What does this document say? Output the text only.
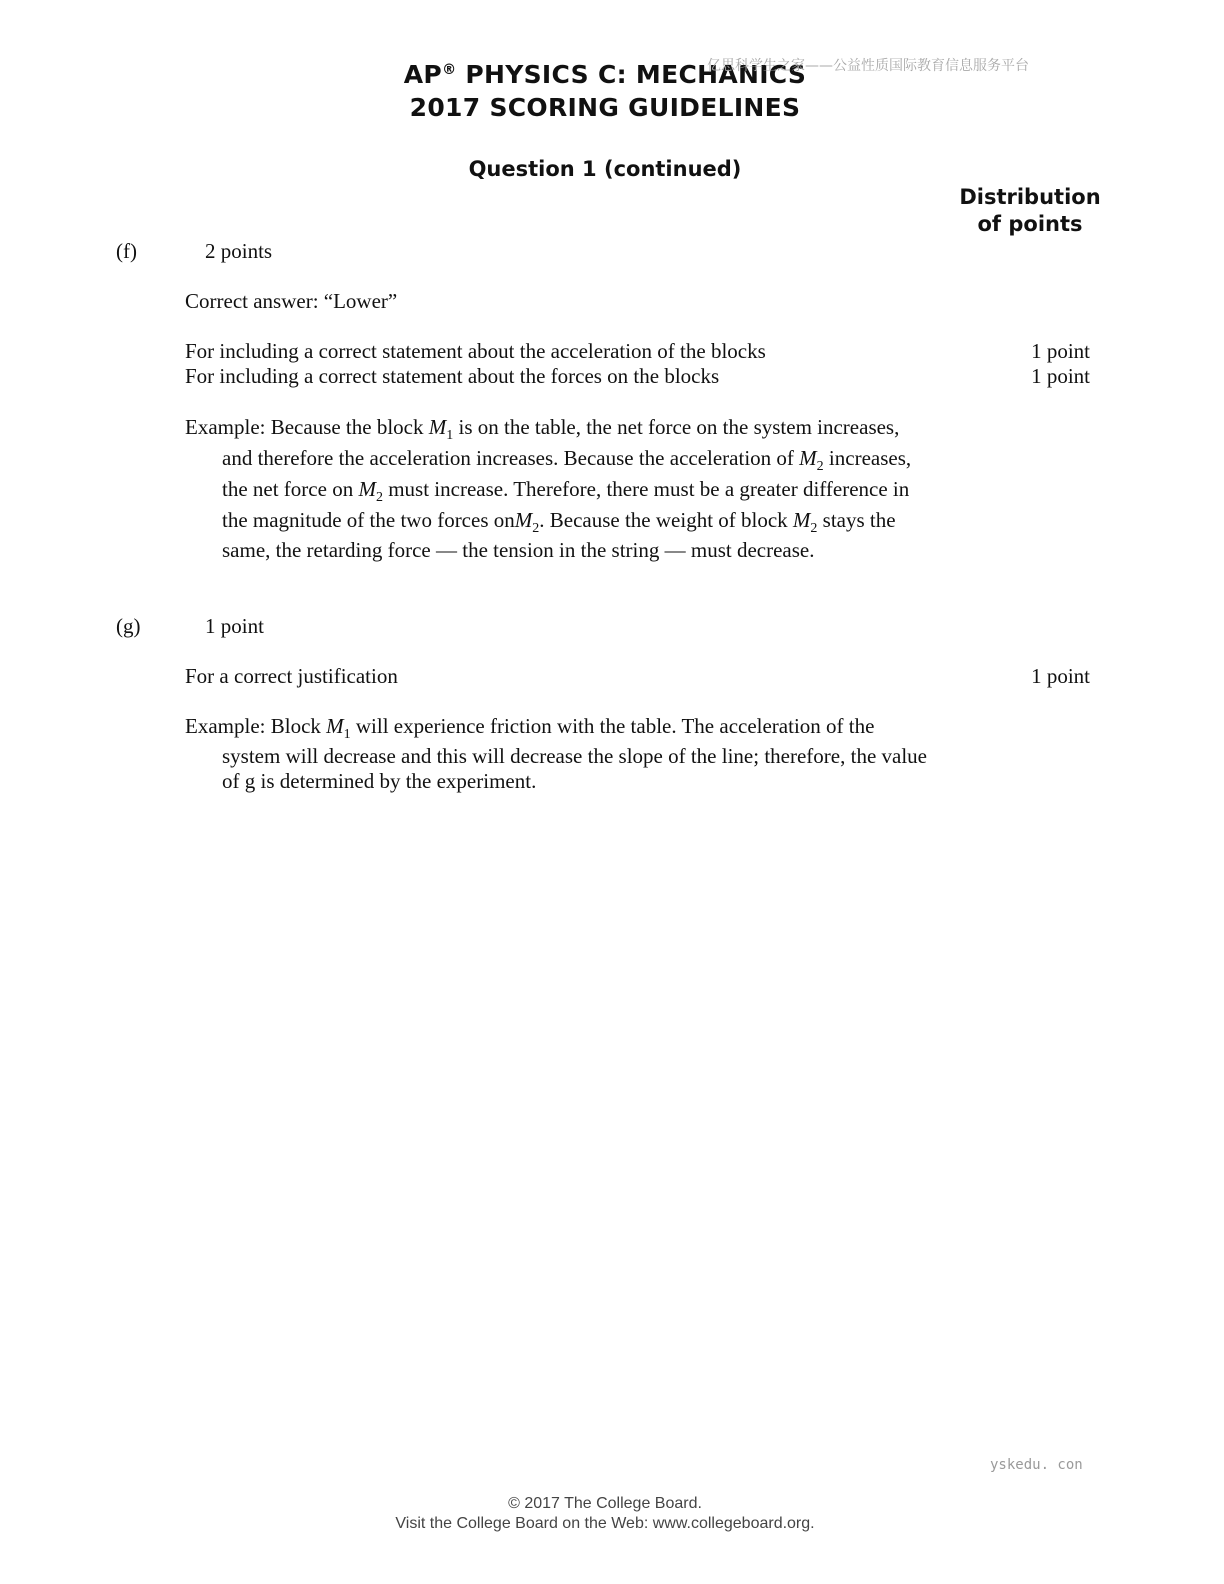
AP® PHYSICS C: MECHANICS
2017 SCORING GUIDELINES
亿思科学生之家——公益性质国际教育信息服务平台
Question 1 (continued)
Distribution
of points
(f)	2 points
Correct answer: “Lower”
For including a correct statement about the acceleration of the blocks	1 point
For including a correct statement about the forces on the blocks	1 point
Example: Because the block $M_1$ is on the table, the net force on the system increases,
and therefore the acceleration increases. Because the acceleration of $M_2$ increases,
the net force on $M_2$ must increase. Therefore, there must be a greater difference in
the magnitude of the two forces onM$_2$. Because the weight of block $M_2$ stays the
same, the retarding force — the tension in the string — must decrease.
(g)	1 point
For a correct justification	1 point
Example: Block $M_1$ will experience friction with the table. The acceleration of the
system will decrease and this will decrease the slope of the line; therefore, the value
of g is determined by the experiment.
yskedu. con
© 2017 The College Board.
Visit the College Board on the Web: www.collegeboard.org.
